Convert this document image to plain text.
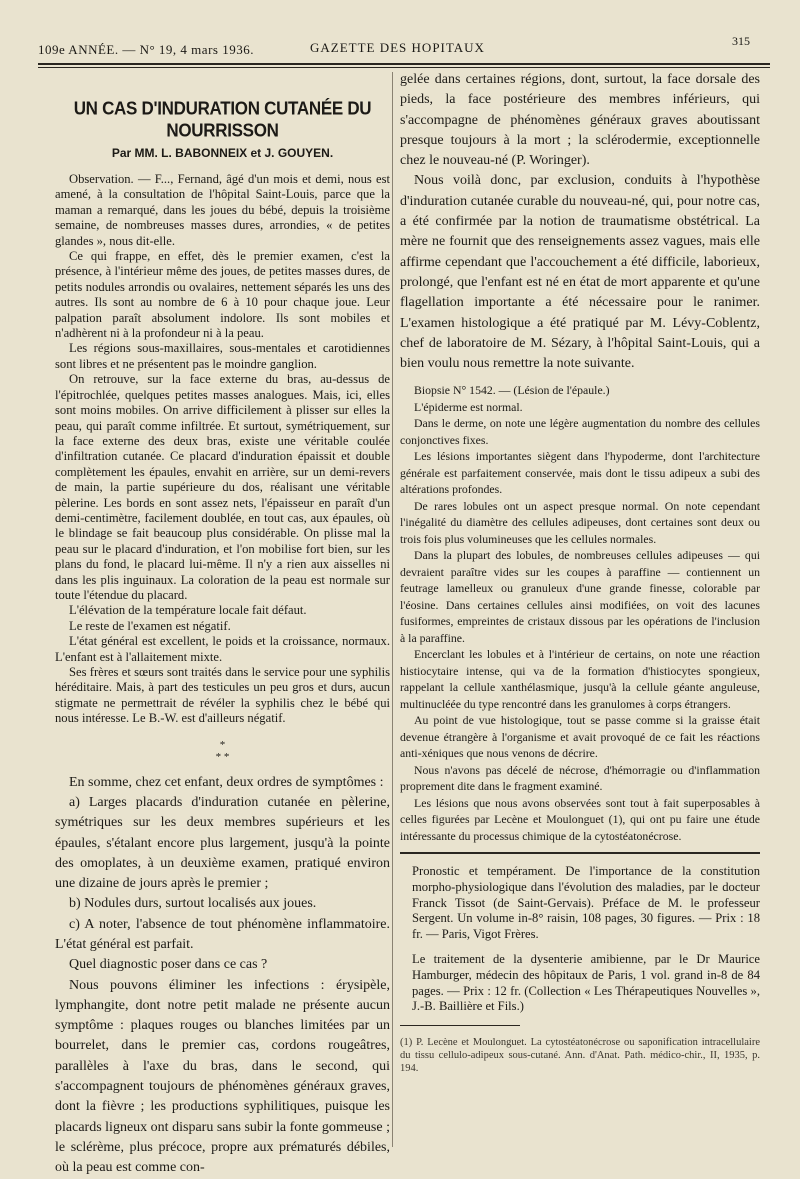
109e ANNÉE. — N° 19, 4 mars 1936.	GAZETTE DES HOPITAUX	315
UN CAS D'INDURATION CUTANÉE DU NOURRISSON
Par MM. L. BABONNEIX et J. GOUYEN.

Observation. — F..., Fernand, âgé d'un mois et demi, nous est amené, à la consultation de l'hôpital Saint-Louis, parce que la maman a remarqué, dans les joues du bébé, depuis la troisième semaine, de nombreuses masses dures, arrondies, « de petites glandes », nous dit-elle.

Ce qui frappe, en effet, dès le premier examen, c'est la présence, à l'intérieur même des joues, de petites masses dures, de petits nodules arrondis ou ovalaires, nettement séparés les uns des autres. Ils sont au nombre de 6 à 10 pour chaque joue. Leur palpation paraît absolument indolore. Ils sont mobiles et n'adhèrent ni à la profondeur ni à la peau.

Les régions sous-maxillaires, sous-mentales et carotidiennes sont libres et ne présentent pas le moindre ganglion.

On retrouve, sur la face externe du bras, au-dessus de l'épitrochlée, quelques petites masses analogues. Mais, ici, elles sont moins mobiles. On arrive difficilement à plisser sur elles la peau, qui paraît comme infiltrée. Et surtout, symétriquement, sur la face externe des deux bras, existe une véritable coulée d'infiltration cutanée. Ce placard d'induration épaissit et double complètement les épaules, envahit en arrière, sur un demi-revers de main, la partie supérieure du dos, réalisant une véritable pèlerine. Les bords en sont assez nets, l'épaisseur en paraît d'un demi-centimètre, facilement doublée, en tout cas, aux épaules, où le blindage se fait beaucoup plus considérable. On plisse mal la peau sur le placard d'induration, et l'on mobilise fort bien, sur les plans du fond, le placard lui-même. Il n'y a rien aux aisselles ni dans les plis inguinaux. La coloration de la peau est normale sur toute l'étendue du placard.

L'élévation de la température locale fait défaut.

Le reste de l'examen est négatif.

L'état général est excellent, le poids et la croissance, normaux. L'enfant est à l'allaitement mixte.

Ses frères et sœurs sont traités dans le service pour une syphilis héréditaire. Mais, à part des testicules un peu gros et durs, aucun stigmate ne permettrait de révéler la syphilis chez le bébé qui nous intéresse. Le B.-W. est d'ailleurs négatif.

*
* *

En somme, chez cet enfant, deux ordres de symptômes :

a) Larges placards d'induration cutanée en pèlerine, symétriques sur les deux membres supérieurs et les épaules, s'étalant encore plus largement, jusqu'à la pointe des omoplates, à un deuxième examen, pratiqué environ une dizaine de jours après le premier ;

b) Nodules durs, surtout localisés aux joues.

c) A noter, l'absence de tout phénomène inflammatoire. L'état général est parfait.

Quel diagnostic poser dans ce cas ?

Nous pouvons éliminer les infections : érysipèle, lymphangite, dont notre petit malade ne présente aucun symptôme : plaques rouges ou blanches limitées par un bourrelet, dans le premier cas, cordons rougeâtres, parallèles à l'axe du bras, dans le second, qui s'accompagnent toujours de phénomènes généraux graves, dont la fièvre ; les productions syphilitiques, puisque les placards ligneux ont disparu sans subir la fonte gommeuse ; le sclérème, plus précoce, propre aux prématurés débiles, où la peau est comme con-

gelée dans certaines régions, dont, surtout, la face dorsale des pieds, la face postérieure des membres inférieurs, qui s'accompagne de phénomènes généraux graves aboutissant presque toujours à la mort ; la sclérodermie, exceptionnelle chez le nouveau-né (P. Woringer).

Nous voilà donc, par exclusion, conduits à l'hypothèse d'induration cutanée curable du nouveau-né, qui, pour notre cas, a été confirmée par la notion de traumatisme obstétrical. La mère ne fournit que des renseignements assez vagues, mais elle affirme cependant que l'accouchement a été difficile, laborieux, prolongé, que l'enfant est né en état de mort apparente et qu'une flagellation importante a été nécessaire pour le ranimer. L'examen histologique a été pratiqué par M. Lévy-Coblentz, chef de laboratoire de M. Sézary, à l'hôpital Saint-Louis, qui a bien voulu nous remettre la note suivante.

Biopsie N° 1542. — (Lésion de l'épaule.)

L'épiderme est normal.

Dans le derme, on note une légère augmentation du nombre des cellules conjonctives fixes.

Les lésions importantes siègent dans l'hypoderme, dont l'architecture générale est parfaitement conservée, mais dont le tissu adipeux a subi des altérations profondes.

De rares lobules ont un aspect presque normal. On note cependant l'inégalité du diamètre des cellules adipeuses, dont certaines sont deux ou trois fois plus volumineuses que les cellules normales.

Dans la plupart des lobules, de nombreuses cellules adipeuses — qui devraient paraître vides sur les coupes à paraffine — contiennent un feutrage lamelleux ou granuleux d'une grande finesse, colorable par l'éosine. Dans certaines cellules ainsi modifiées, on voit des lacunes fusiformes, empreintes de cristaux dissous par les opérations de l'inclusion à la paraffine.

Encerclant les lobules et à l'intérieur de certains, on note une réaction histiocytaire intense, qui va de la formation d'histiocytes spongieux, rappelant la cellule xanthélasmique, jusqu'à la cellule géante anguleuse, multinucléée du type rencontré dans les granulomes à corps étrangers.

Au point de vue histologique, tout se passe comme si la graisse était devenue étrangère à l'organisme et avait provoqué de ce fait les réactions anti-xéniques que nous venons de décrire.

Nous n'avons pas décelé de nécrose, d'hémorragie ou d'inflammation proprement dite dans le fragment examiné.

Les lésions que nous avons observées sont tout à fait superposables à celles figurées par Lecène et Moulonguet (1), qui ont pu faire une étude intéressante du processus chimique de la cytostéatonécrose.

Pronostic et tempérament. De l'importance de la constitution morpho-physiologique dans l'évolution des maladies, par le docteur Franck Tissot (de Saint-Gervais). Préface de M. le professeur Sergent. Un volume in-8° raisin, 108 pages, 30 figures. — Prix : 18 fr. — Paris, Vigot Frères.
Le traitement de la dysenterie amibienne, par le Dr Maurice Hamburger, médecin des hôpitaux de Paris, 1 vol. grand in-8 de 84 pages. — Prix : 12 fr. (Collection « Les Thérapeutiques Nouvelles », J.-B. Baillière et Fils.)

(1) P. Lecène et Moulonguet. La cytostéatonécrose ou saponification intracellulaire du tissu cellulo-adipeux sous-cutané. Ann. d'Anat. Path. médico-chir., II, 1935, p. 194.
